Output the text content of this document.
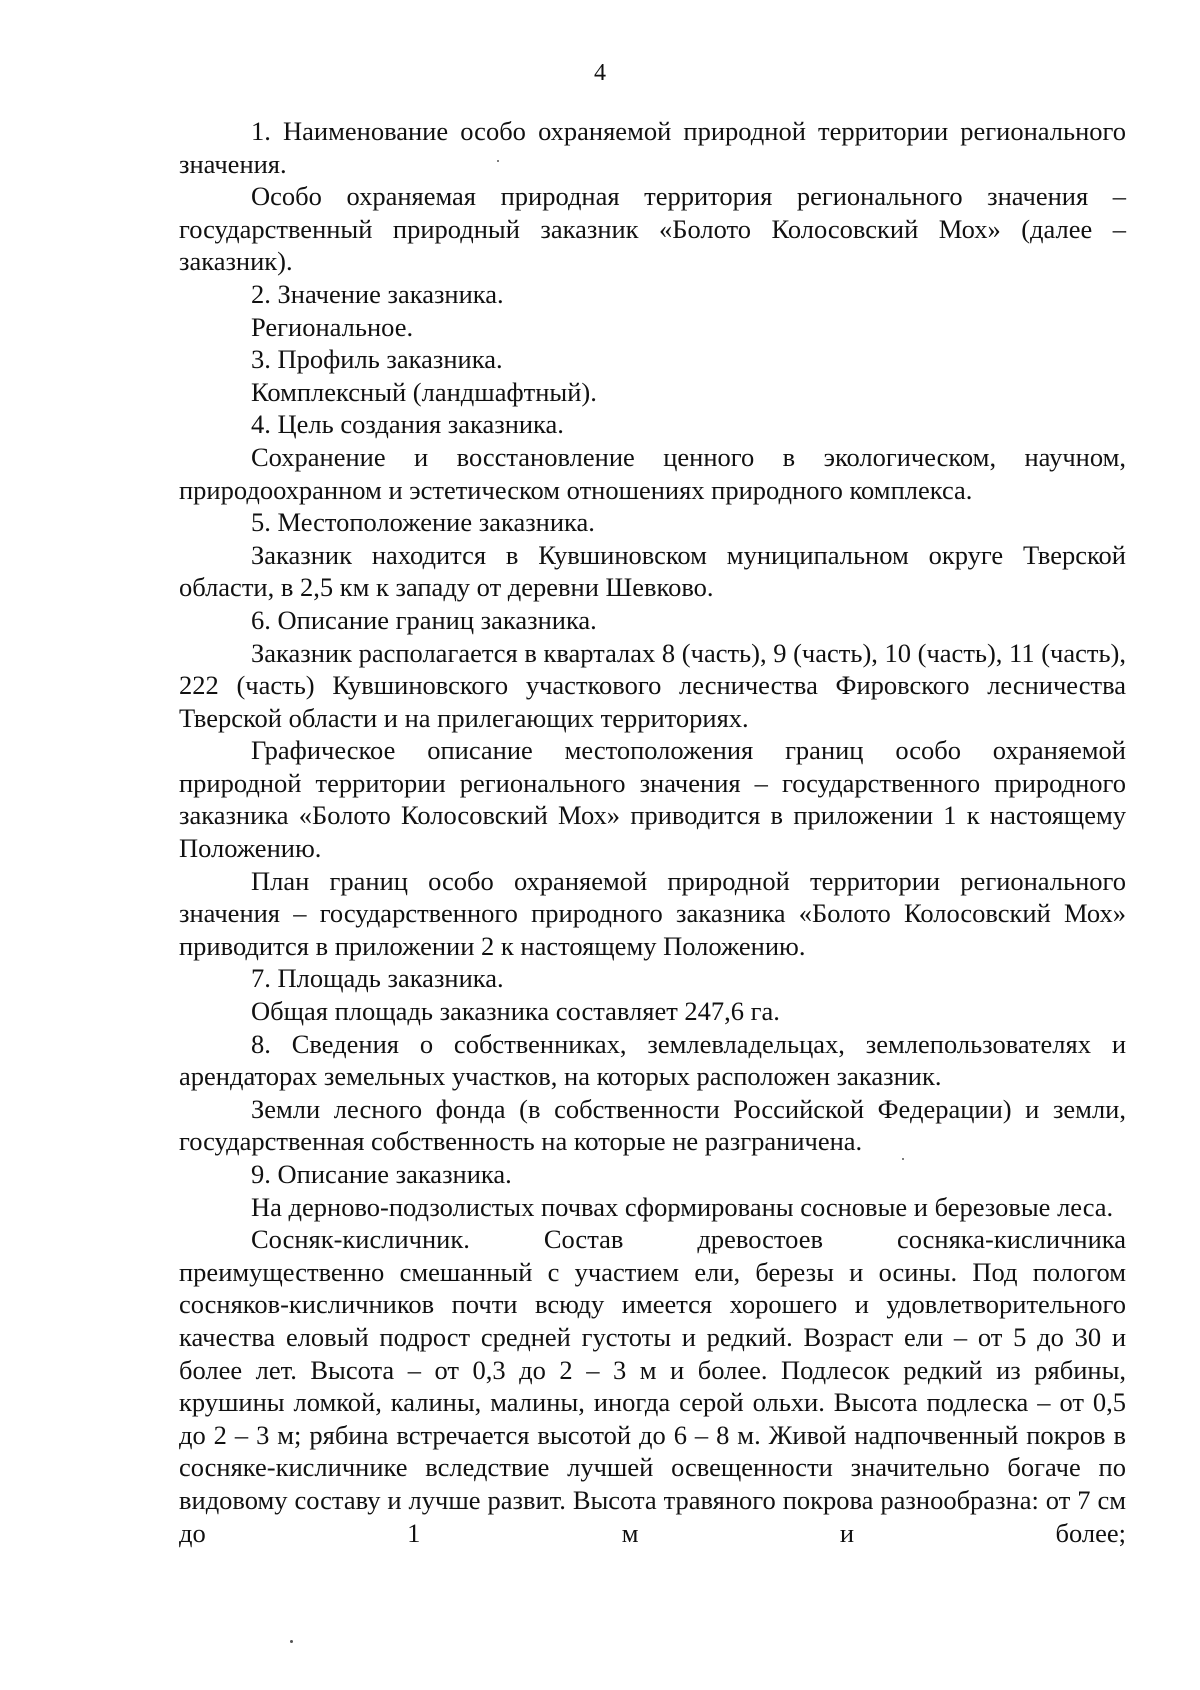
4

1. Наименование особо охраняемой природной территории регионального значения.

Особо охраняемая природная территория регионального значения – государственный природный заказник «Болото Колосовский Мох» (далее – заказник).

2. Значение заказника.

Региональное.

3. Профиль заказника.

Комплексный (ландшафтный).

4. Цель создания заказника.

Сохранение и восстановление ценного в экологическом, научном, природоохранном и эстетическом отношениях природного комплекса.

5. Местоположение заказника.

Заказник находится в Кувшиновском муниципальном округе Тверской области, в 2,5 км к западу от деревни Шевково.

6. Описание границ заказника.

Заказник располагается в кварталах 8 (часть), 9 (часть), 10 (часть), 11 (часть), 222 (часть) Кувшиновского участкового лесничества Фировского лесничества Тверской области и на прилегающих территориях.

Графическое описание местоположения границ особо охраняемой природной территории регионального значения – государственного природного заказника «Болото Колосовский Мох» приводится в приложении 1 к настоящему Положению.

План границ особо охраняемой природной территории регионального значения – государственного природного заказника «Болото Колосовский Мох» приводится в приложении 2 к настоящему Положению.

7. Площадь заказника.

Общая площадь заказника составляет 247,6 га.

8. Сведения о собственниках, землевладельцах, землепользователях и арендаторах земельных участков, на которых расположен заказник.

Земли лесного фонда (в собственности Российской Федерации) и земли, государственная собственность на которые не разграничена.

9. Описание заказника.

На дерново-подзолистых почвах сформированы сосновые и березовые леса.

Сосняк-кисличник. Состав древостоев сосняка-кисличника преимущественно смешанный с участием ели, березы и осины. Под пологом сосняков-кисличников почти всюду имеется хорошего и удовлетворительного качества еловый подрост средней густоты и редкий. Возраст ели – от 5 до 30 и более лет. Высота – от 0,3 до 2 – 3 м и более. Подлесок редкий из рябины, крушины ломкой, калины, малины, иногда серой ольхи. Высота подлеска – от 0,5 до 2 – 3 м; рябина встречается высотой до 6 – 8 м. Живой надпочвенный покров в сосняке-кисличнике вследствие лучшей освещенности значительно богаче по видовому составу и лучше развит. Высота травяного покрова разнообразна: от 7 см до 1 м и более;
